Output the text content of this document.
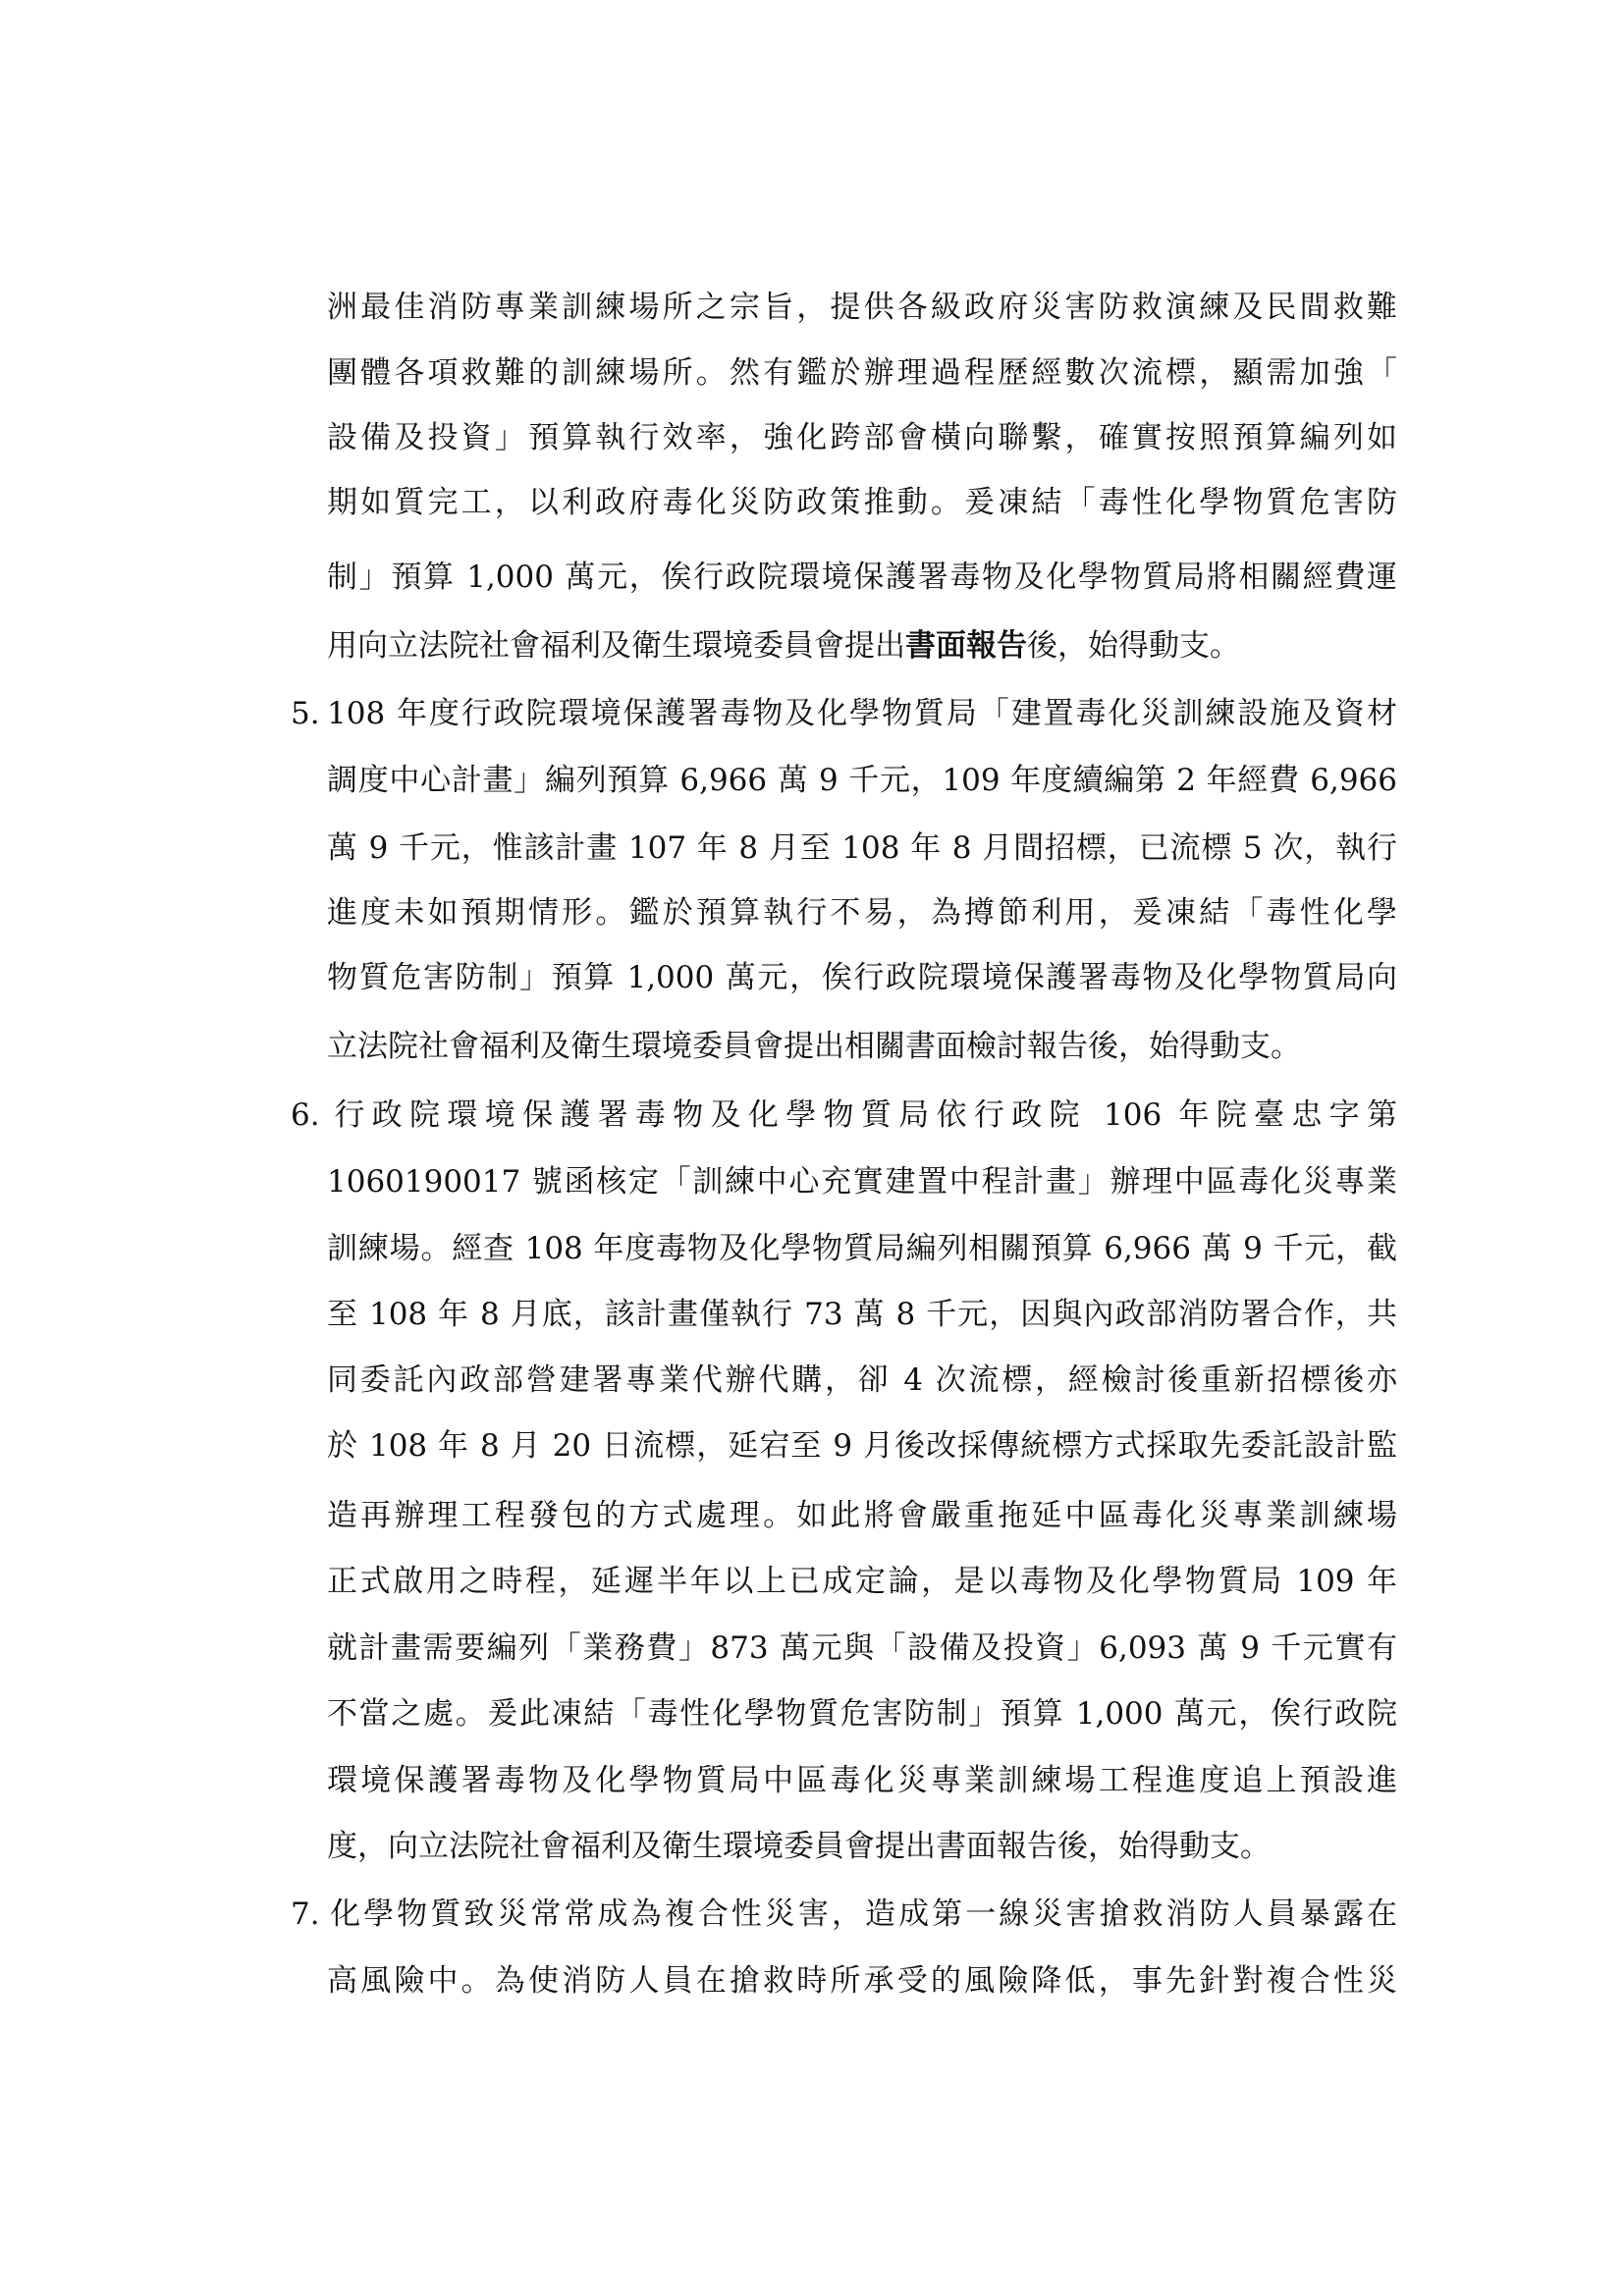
洲最佳消防專業訓練場所之宗旨，提供各級政府災害防救演練及民間救難
團體各項救難的訓練場所。然有鑑於辦理過程歷經數次流標，顯需加強「
設備及投資」預算執行效率，強化跨部會橫向聯繫，確實按照預算編列如
期如質完工，以利政府毒化災防政策推動。爰凍結「毒性化學物質危害防
制」預算 1,000 萬元，俟行政院環境保護署毒物及化學物質局將相關經費運
用向立法院社會福利及衛生環境委員會提出書面報告後，始得動支。
5. 108 年度行政院環境保護署毒物及化學物質局「建置毒化災訓練設施及資材
調度中心計畫」編列預算 6,966 萬 9 千元，109 年度續編第 2 年經費 6,966
萬 9 千元，惟該計畫 107 年 8 月至 108 年 8 月間招標，已流標 5 次，執行
進度未如預期情形。鑑於預算執行不易，為撙節利用，爰凍結「毒性化學
物質危害防制」預算 1,000 萬元，俟行政院環境保護署毒物及化學物質局向
立法院社會福利及衛生環境委員會提出相關書面檢討報告後，始得動支。
6. 行政院環境保護署毒物及化學物質局依行政院 106 年院臺忠字第
1060190017 號函核定「訓練中心充實建置中程計畫」辦理中區毒化災專業
訓練場。經查 108 年度毒物及化學物質局編列相關預算 6,966 萬 9 千元，截
至 108 年 8 月底，該計畫僅執行 73 萬 8 千元，因與內政部消防署合作，共
同委託內政部營建署專業代辦代購，卻 4 次流標，經檢討後重新招標後亦
於 108 年 8 月 20 日流標，延宕至 9 月後改採傳統標方式採取先委託設計監
造再辦理工程發包的方式處理。如此將會嚴重拖延中區毒化災專業訓練場
正式啟用之時程，延遲半年以上已成定論，是以毒物及化學物質局 109 年
就計畫需要編列「業務費」873 萬元與「設備及投資」6,093 萬 9 千元實有
不當之處。爰此凍結「毒性化學物質危害防制」預算 1,000 萬元，俟行政院
環境保護署毒物及化學物質局中區毒化災專業訓練場工程進度追上預設進
度，向立法院社會福利及衛生環境委員會提出書面報告後，始得動支。
7. 化學物質致災常常成為複合性災害，造成第一線災害搶救消防人員暴露在
高風險中。為使消防人員在搶救時所承受的風險降低，事先針對複合性災
